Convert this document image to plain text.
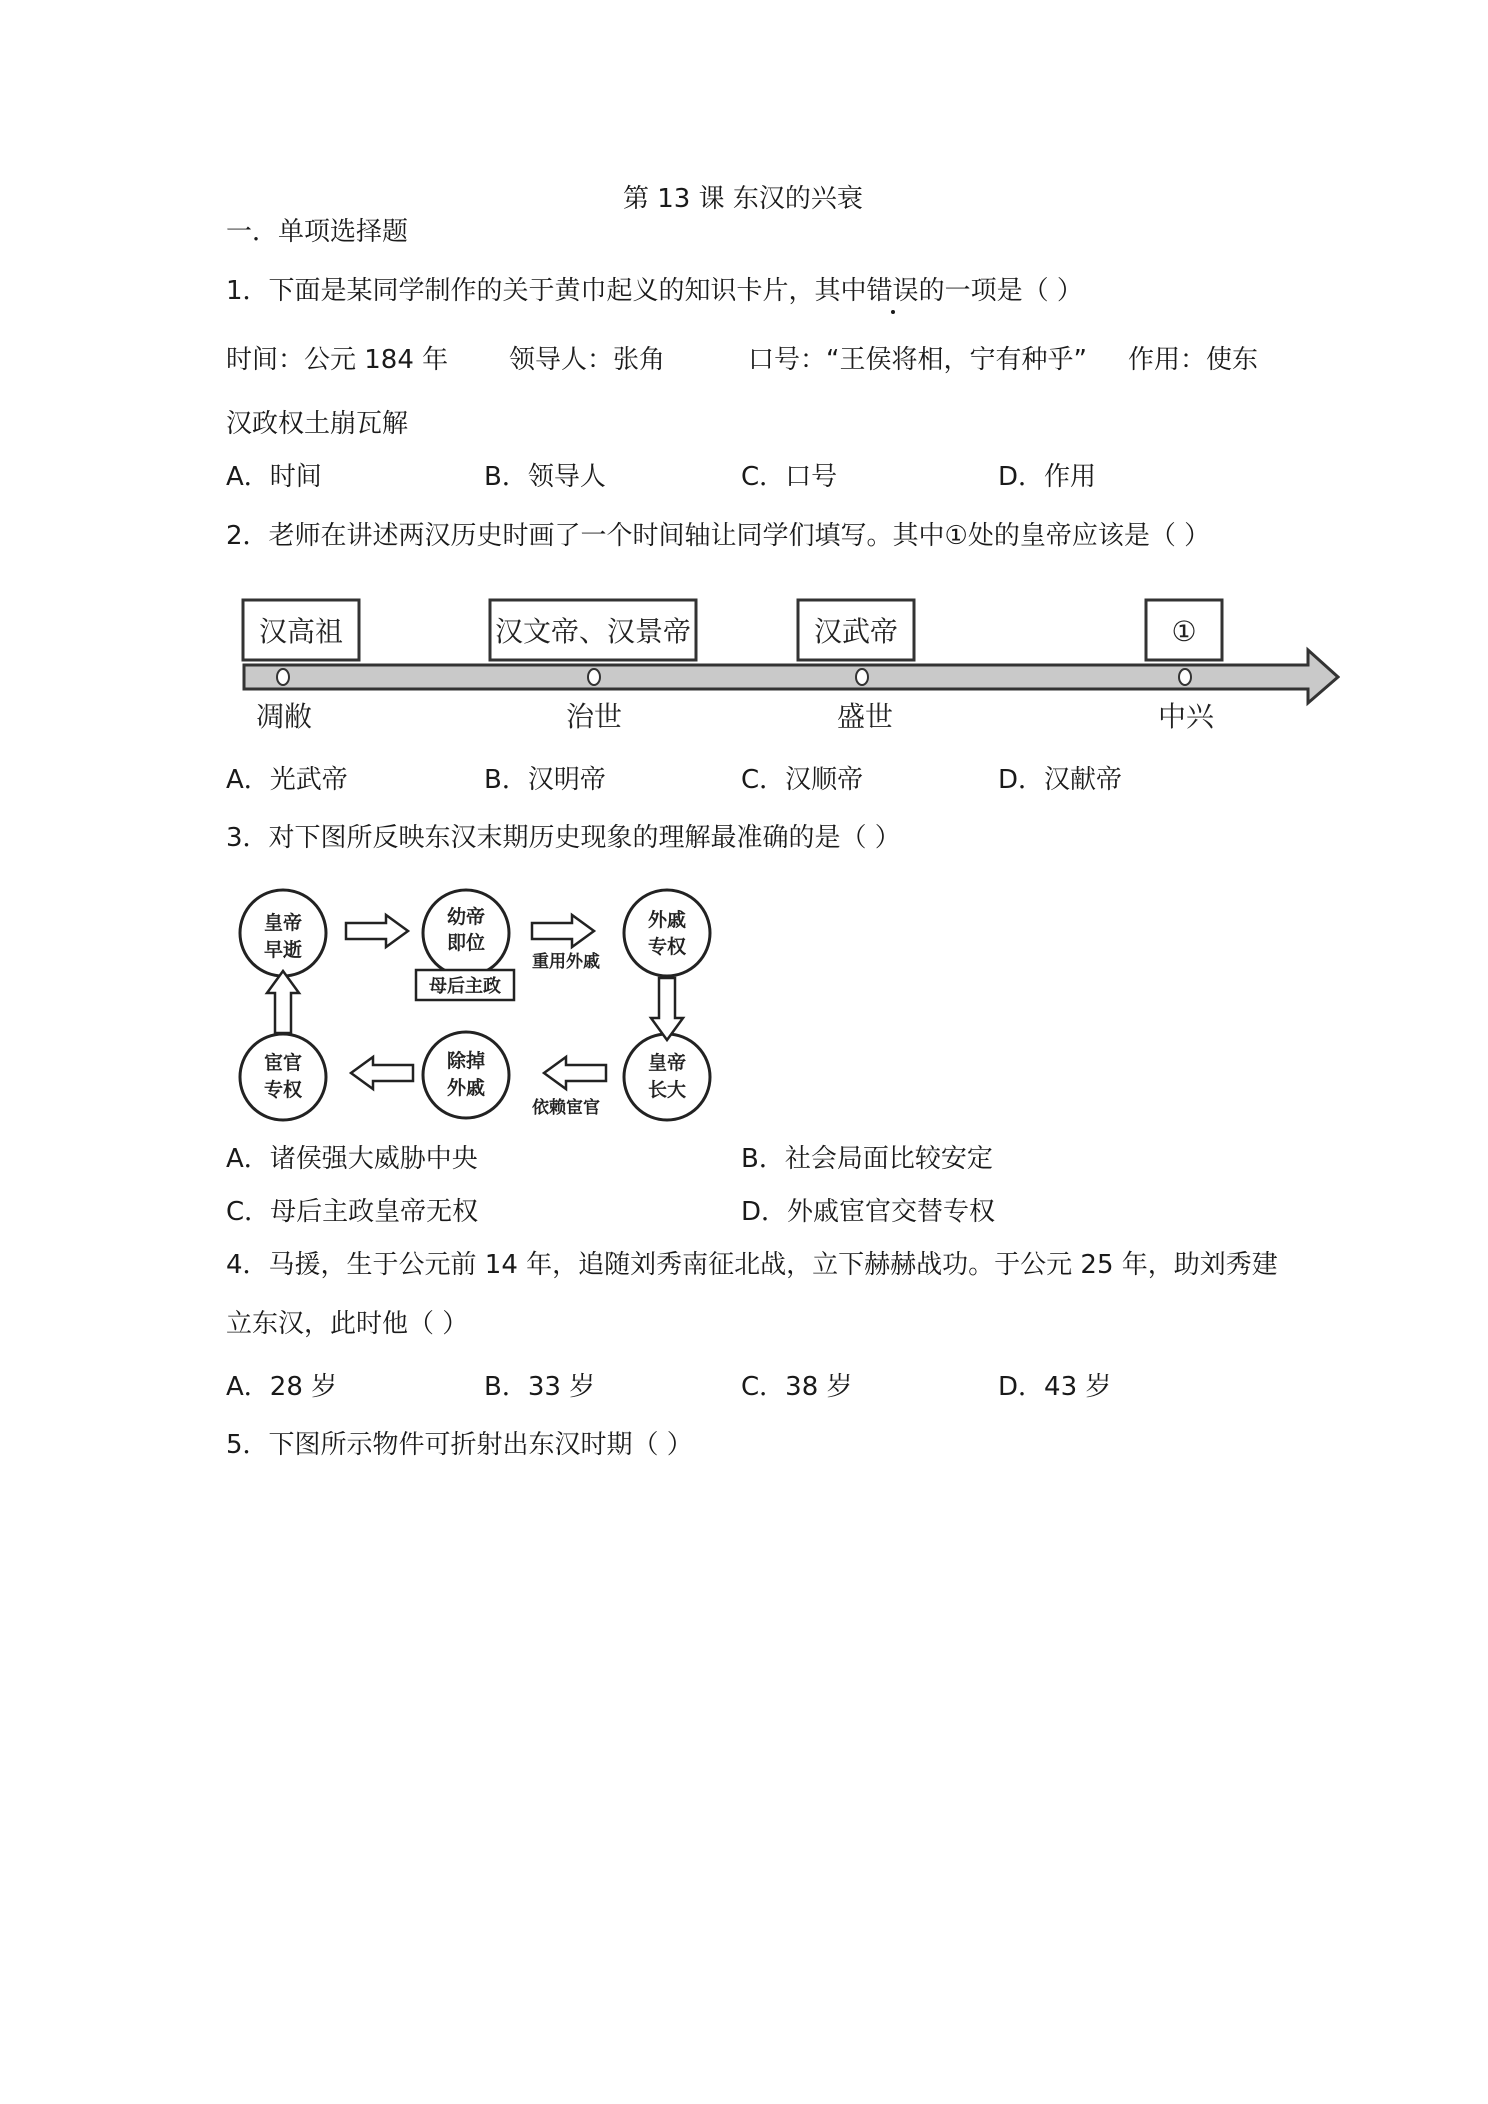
第 13 课 东汉的兴衰
一．单项选择题
1．下面是某同学制作的关于黄巾起义的知识卡片，其中错误的一项是（ ）
时间：公元 184 年 领导人：张角	口号：“王侯将相，宁有种乎” 作用：使东
汉政权土崩瓦解
A．时间	B．领导人	C．口号	D．作用
2．老师在讲述两汉历史时画了一个时间轴让同学们填写。其中①处的皇帝应该是（ ）
汉高祖	汉文帝、汉景帝	汉武帝	①
凋敝	治世	盛世	中兴
A．光武帝	B．汉明帝	C．汉顺帝	D．汉献帝
3．对下图所反映东汉末期历史现象的理解最准确的是（ ）
皇帝
早逝
幼帝
即位
外戚
专权
皇帝
长大
除掉
外戚
宦官
专权
母后主政
重用外戚
依赖宦官
A．诸侯强大威胁中央	B．社会局面比较安定
C．母后主政皇帝无权	D．外戚宦官交替专权
4．马援，生于公元前 14 年，追随刘秀南征北战，立下赫赫战功。于公元 25 年，助刘秀建
立东汉，此时他（ ）
A．28 岁	B．33 岁	C．38 岁	D．43 岁
5．下图所示物件可折射出东汉时期（ ）
